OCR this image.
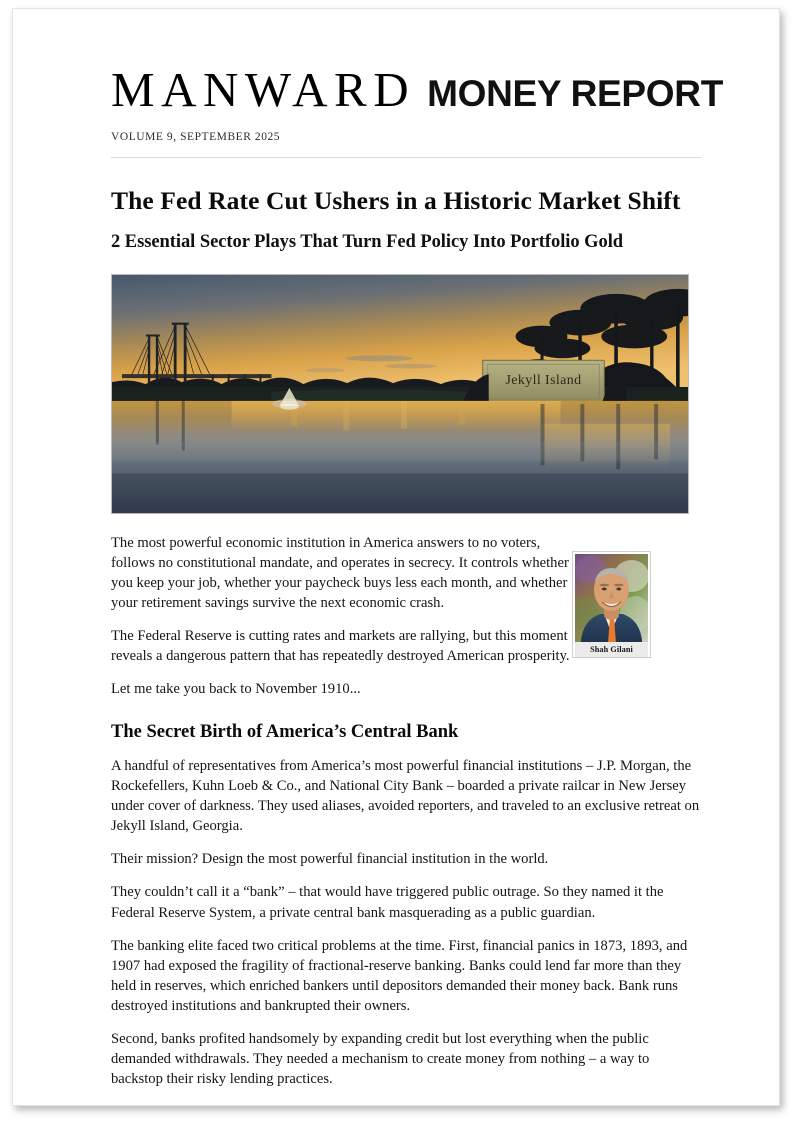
MANWARD MONEY REPORT
VOLUME 9, SEPTEMBER 2025
The Fed Rate Cut Ushers in a Historic Market Shift
2 Essential Sector Plays That Turn Fed Policy Into Portfolio Gold
Jekyll Island
Shah Gilani

The most powerful economic institution in America answers to no voters, follows no constitutional mandate, and operates in secrecy. It controls whether you keep your job, whether your paycheck buys less each month, and whether your retirement savings survive the next economic crash.

The Federal Reserve is cutting rates and markets are rallying, but this moment reveals a dangerous pattern that has repeatedly destroyed American prosperity.

Let me take you back to November 1910...

The Secret Birth of America’s Central Bank

A handful of representatives from America’s most powerful financial institutions – J.P. Morgan, the Rockefellers, Kuhn Loeb & Co., and National City Bank – boarded a private railcar in New Jersey under cover of darkness. They used aliases, avoided reporters, and traveled to an exclusive retreat on Jekyll Island, Georgia.

Their mission? Design the most powerful financial institution in the world.

They couldn’t call it a “bank” – that would have triggered public outrage. So they named it the Federal Reserve System, a private central bank masquerading as a public guardian.

The banking elite faced two critical problems at the time. First, financial panics in 1873, 1893, and 1907 had exposed the fragility of fractional-reserve banking. Banks could lend far more than they held in reserves, which enriched bankers until depositors demanded their money back. Bank runs destroyed institutions and bankrupted their owners.

Second, banks profited handsomely by expanding credit but lost everything when the public demanded withdrawals. They needed a mechanism to create money from nothing – a way to backstop their risky lending practices.
